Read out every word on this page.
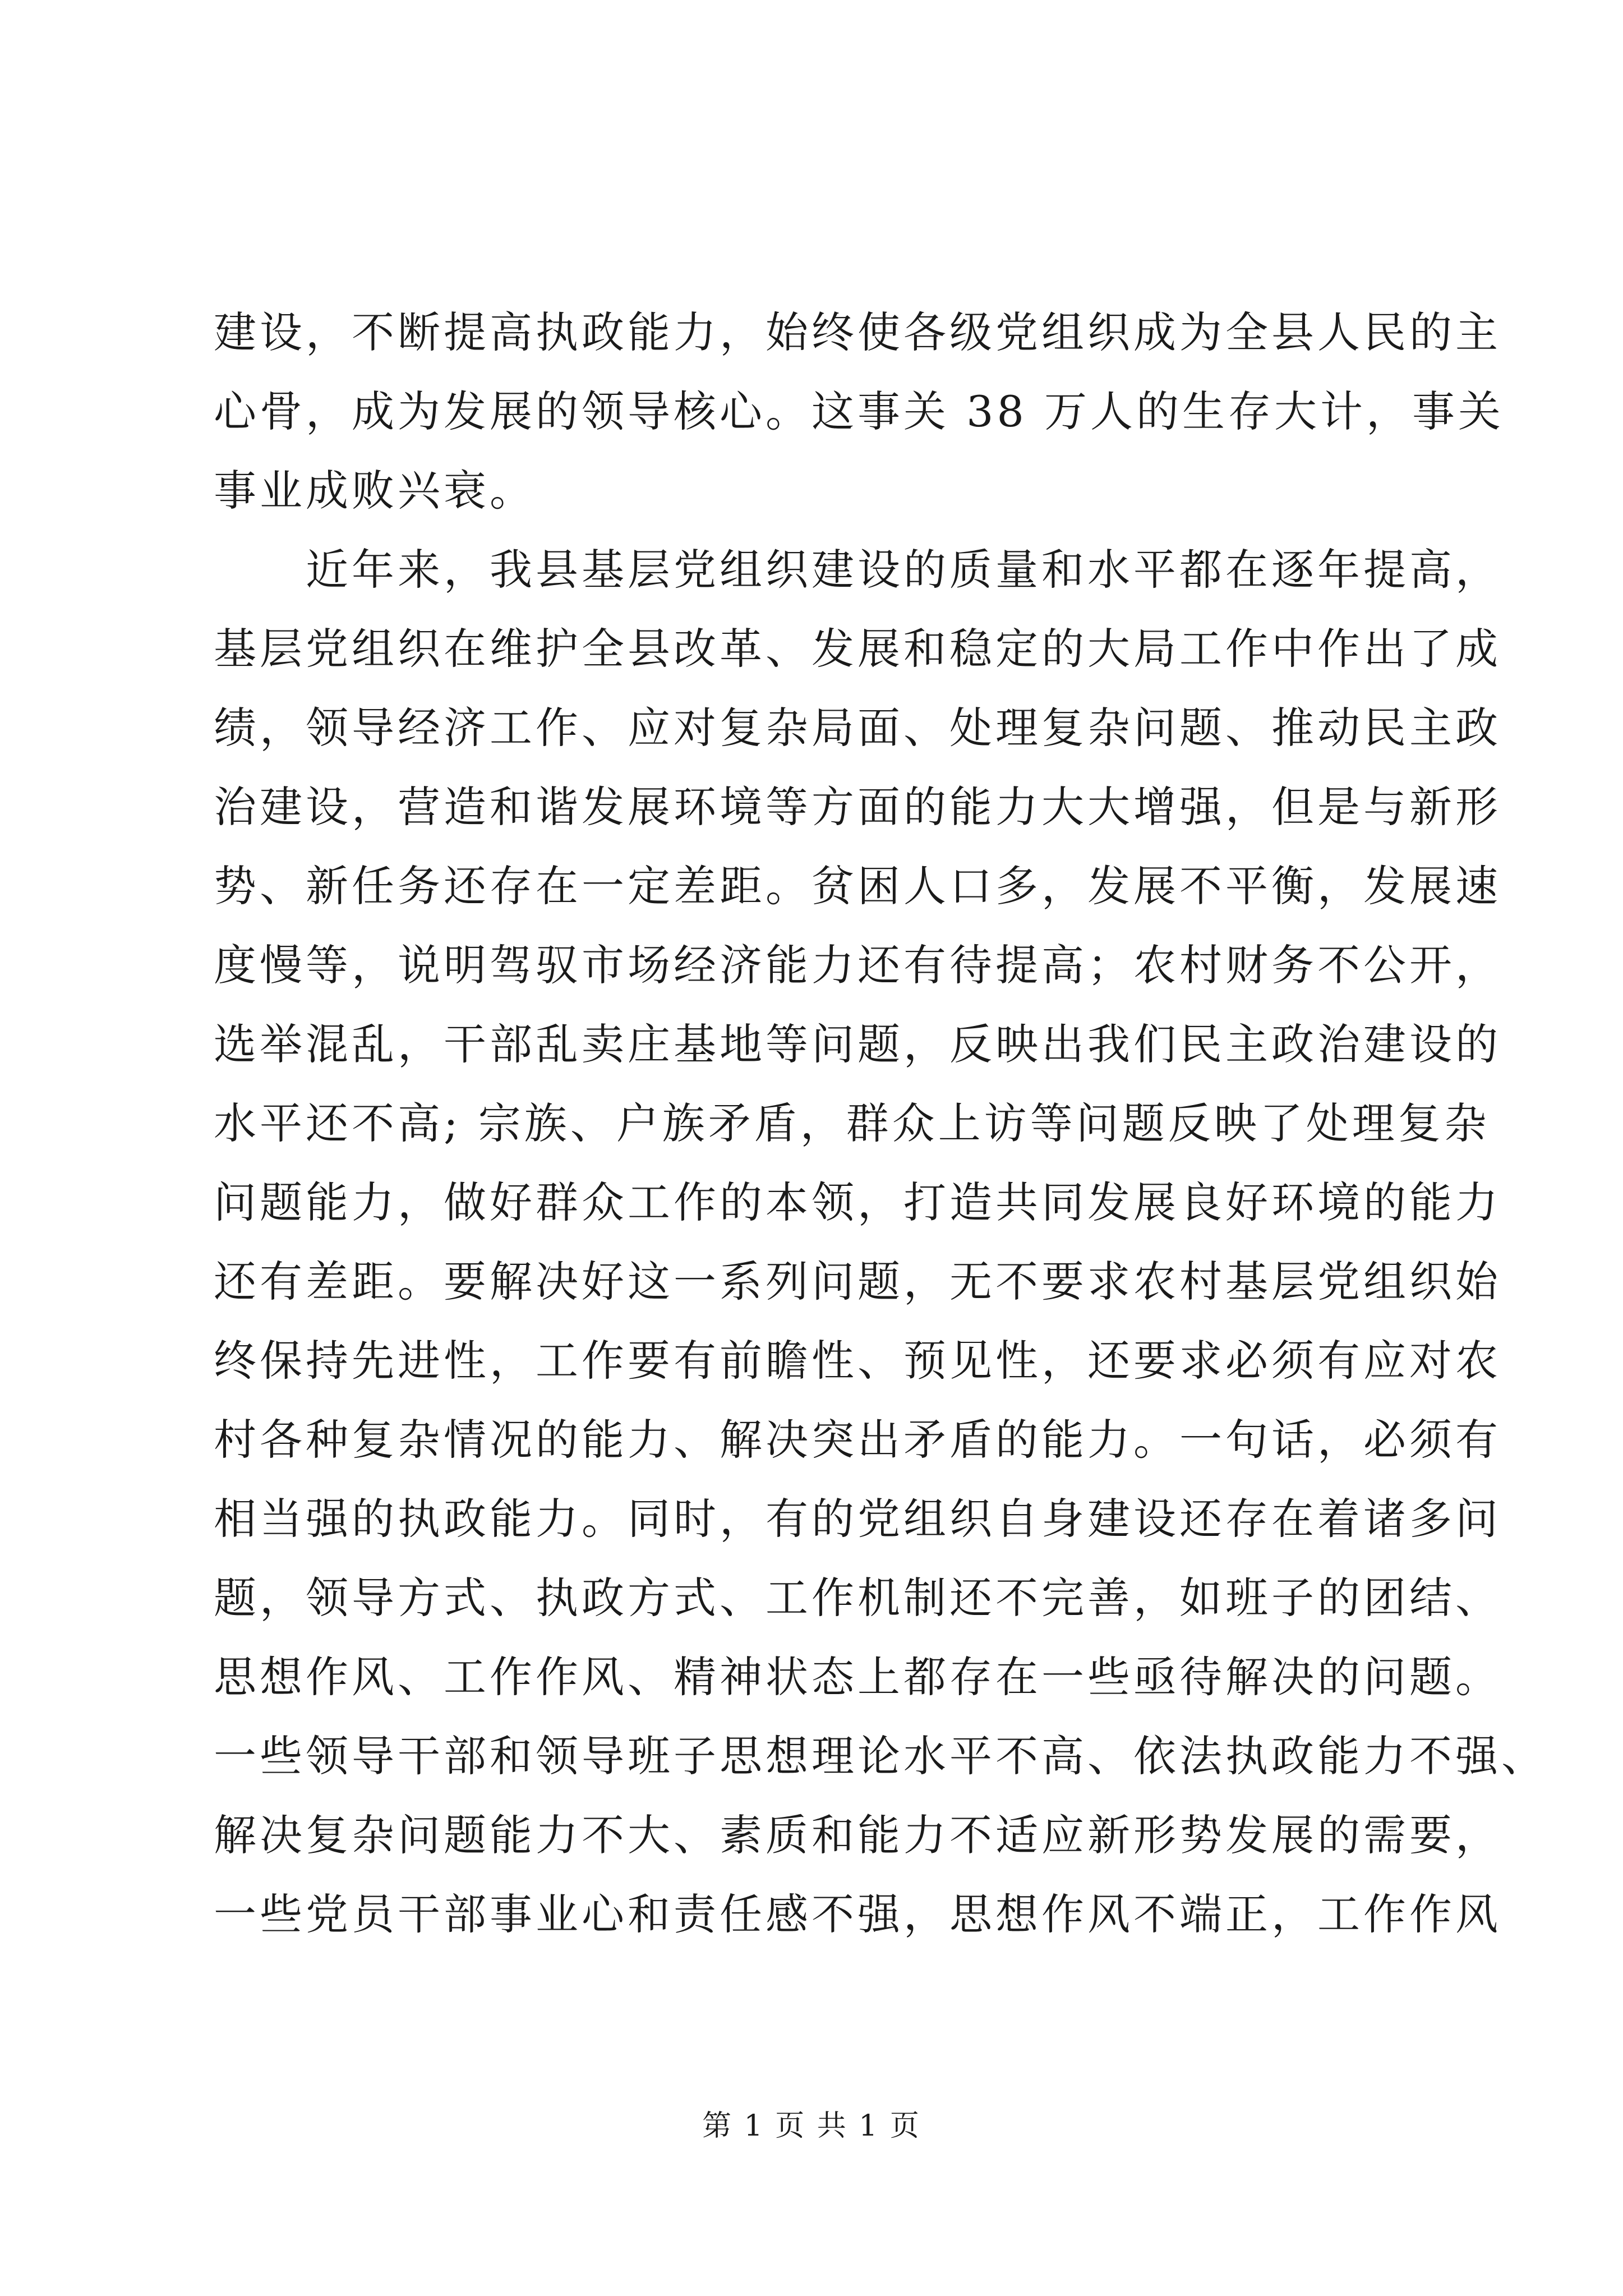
建设，不断提高执政能力，始终使各级党组织成为全县人民的主
心骨，成为发展的领导核心。这事关 38 万人的生存大计，事关
事业成败兴衰。

　　近年来，我县基层党组织建设的质量和水平都在逐年提高，
基层党组织在维护全县改革、发展和稳定的大局工作中作出了成
绩，领导经济工作、应对复杂局面、处理复杂问题、推动民主政
治建设，营造和谐发展环境等方面的能力大大增强，但是与新形
势、新任务还存在一定差距。贫困人口多，发展不平衡，发展速
度慢等，说明驾驭市场经济能力还有待提高；农村财务不公开，
选举混乱，干部乱卖庄基地等问题，反映出我们民主政治建设的
水平还不高; 宗族、户族矛盾，群众上访等问题反映了处理复杂
问题能力，做好群众工作的本领，打造共同发展良好环境的能力
还有差距。要解决好这一系列问题，无不要求农村基层党组织始
终保持先进性，工作要有前瞻性、预见性，还要求必须有应对农
村各种复杂情况的能力、解决突出矛盾的能力。一句话，必须有
相当强的执政能力。同时，有的党组织自身建设还存在着诸多问
题，领导方式、执政方式、工作机制还不完善，如班子的团结、
思想作风、工作作风、精神状态上都存在一些亟待解决的问题。
一些领导干部和领导班子思想理论水平不高、依法执政能力不强、
解决复杂问题能力不大、素质和能力不适应新形势发展的需要，
一些党员干部事业心和责任感不强，思想作风不端正，工作作风

第 1 页 共 1 页
